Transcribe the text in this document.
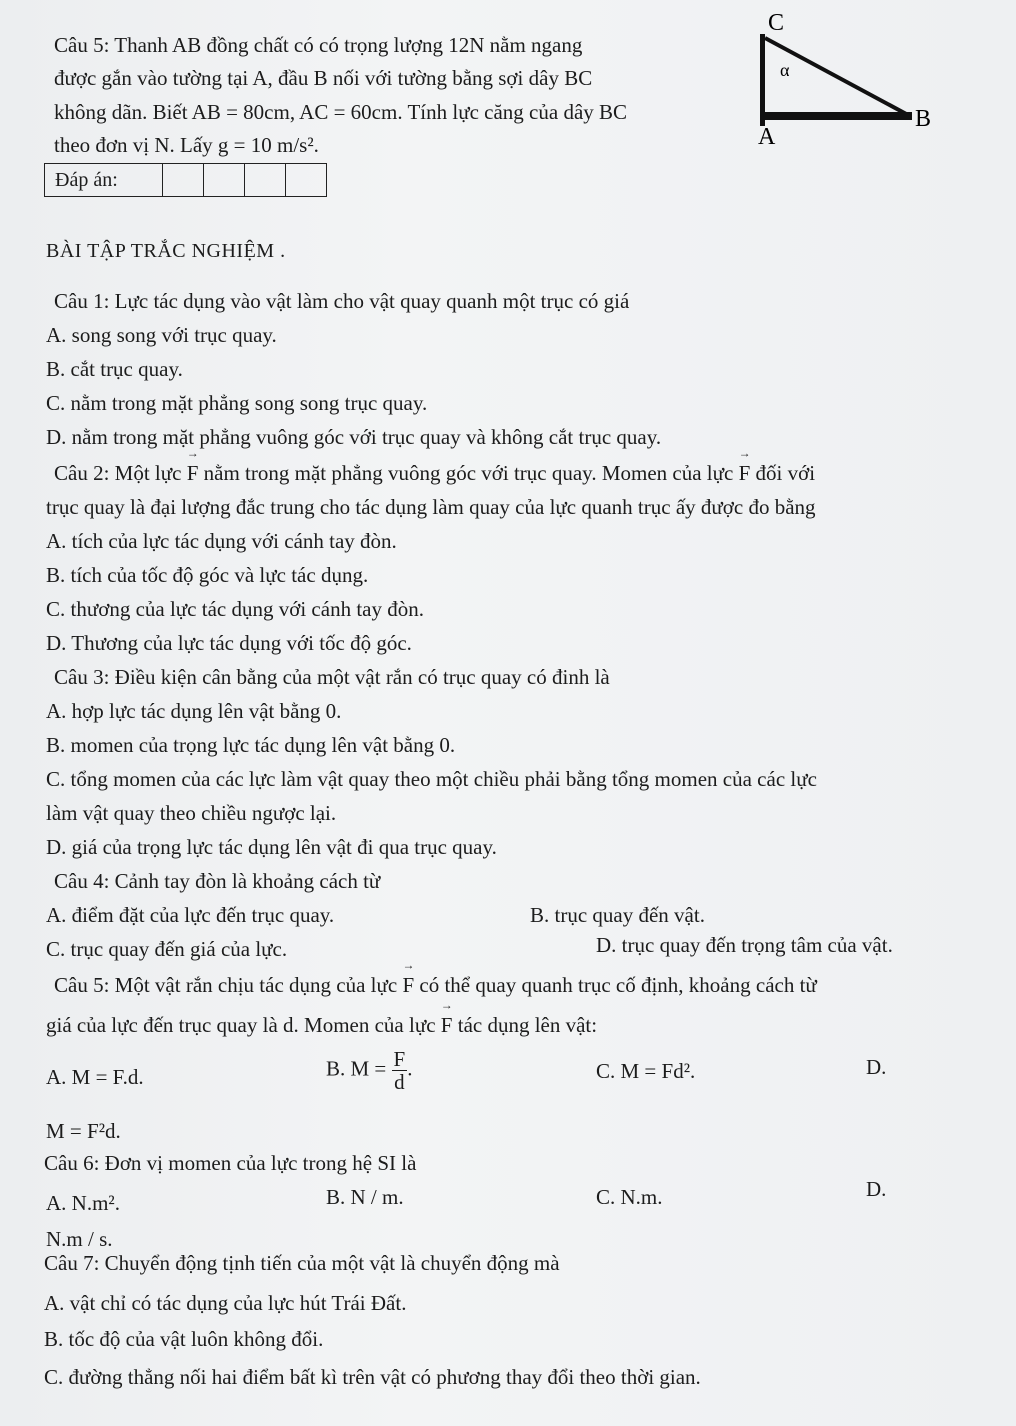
Câu 5: Thanh AB đồng chất có có trọng lượng 12N nằm ngang
được gắn vào tường tại A, đầu B nối với tường bằng sợi dây BC
không dãn. Biết AB = 80cm, AC = 60cm. Tính lực căng của dây BC
theo đơn vị N. Lấy g = 10 m/s².
C
α
A
B
Đáp án:
BÀI TẬP TRẮC NGHIỆM .
Câu 1: Lực tác dụng vào vật làm cho vật quay quanh một trục có giá
A. song song với trục quay.
B. cắt trục quay.
C. nằm trong mặt phẳng song song trục quay.
D. nằm trong mặt phẳng vuông góc với trục quay và không cắt trục quay.
Câu 2: Một lực → F nằm trong mặt phẳng vuông góc với trục quay. Momen của lực → F đối với
trục quay là đại lượng đắc trung cho tác dụng làm quay của lực quanh trục ấy được đo bằng
A. tích của lực tác dụng với cánh tay đòn.
B. tích của tốc độ góc và lực tác dụng.
C. thương của lực tác dụng với cánh tay đòn.
D. Thương của lực tác dụng với tốc độ góc.
Câu 3: Điều kiện cân bằng của một vật rắn có trục quay có đinh là
A. hợp lực tác dụng lên vật bằng 0.
B. momen của trọng lực tác dụng lên vật bằng 0.
C. tổng momen của các lực làm vật quay theo một chiều phải bằng tổng momen của các lực
làm vật quay theo chiều ngược lại.
D. giá của trọng lực tác dụng lên vật đi qua trục quay.
Câu 4: Cảnh tay đòn là khoảng cách từ
A. điểm đặt của lực đến trục quay.	B. trục quay đến vật.
C. trục quay đến giá của lực.	D. trục quay đến trọng tâm của vật.
Câu 5: Một vật rắn chịu tác dụng của lực → F có thể quay quanh trục cố định, khoảng cách từ
giá của lực đến trục quay là d. Momen của lực → F tác dụng lên vật:
A. M = F.d.	B. $M = \frac{F}{d}$ .	C. M = Fd².	D.
M = F²d.
Câu 6: Đơn vị momen của lực trong hệ SI là
A. N.m².	B. N / m.	C. N.m.	D.
N.m / s.
Câu 7: Chuyển động tịnh tiến của một vật là chuyển động mà
A. vật chỉ có tác dụng của lực hút Trái Đất.
B. tốc độ của vật luôn không đổi.
C. đường thẳng nối hai điểm bất kì trên vật có phương thay đổi theo thời gian.
